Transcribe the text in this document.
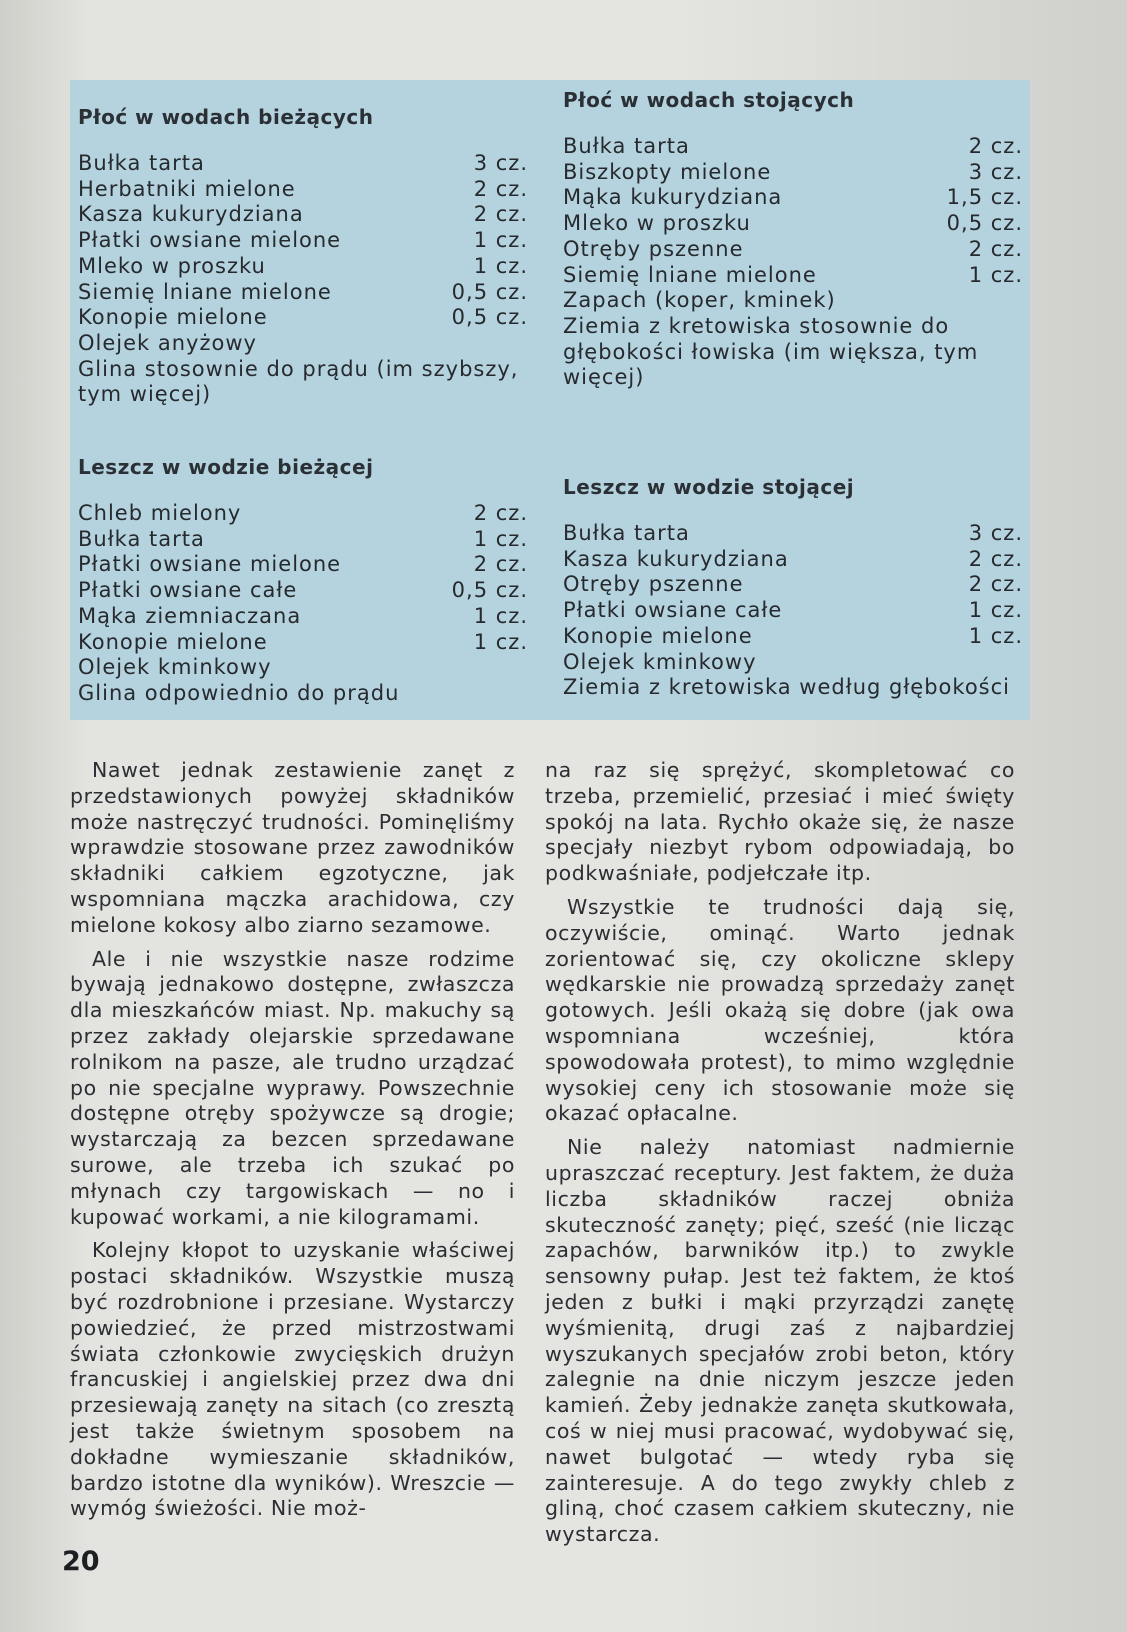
Płoć w wodach bieżących
Bułka tarta	3 cz.
Herbatniki mielone	2 cz.
Kasza kukurydziana	2 cz.
Płatki owsiane mielone	1 cz.
Mleko w proszku	1 cz.
Siemię lniane mielone	0,5 cz.
Konopie mielone	0,5 cz.
Olejek anyżowy
Glina stosownie do prądu (im szybszy, tym więcej)
Płoć w wodach stojących
Bułka tarta	2 cz.
Biszkopty mielone	3 cz.
Mąka kukurydziana	1,5 cz.
Mleko w proszku	0,5 cz.
Otręby pszenne	2 cz.
Siemię lniane mielone	1 cz.
Zapach (koper, kminek)
Ziemia z kretowiska stosownie do głębokości łowiska (im większa, tym więcej)
Leszcz w wodzie bieżącej
Chleb mielony	2 cz.
Bułka tarta	1 cz.
Płatki owsiane mielone	2 cz.
Płatki owsiane całe	0,5 cz.
Mąka ziemniaczana	1 cz.
Konopie mielone	1 cz.
Olejek kminkowy
Glina odpowiednio do prądu
Leszcz w wodzie stojącej
Bułka tarta	3 cz.
Kasza kukurydziana	2 cz.
Otręby pszenne	2 cz.
Płatki owsiane całe	1 cz.
Konopie mielone	1 cz.
Olejek kminkowy
Ziemia z kretowiska według głębokości

Nawet jednak zestawienie zanęt z przedstawionych powyżej składników może nastręczyć trudności. Pominęliśmy wprawdzie stosowane przez zawodników składniki całkiem egzotyczne, jak wspomniana mączka arachidowa, czy mielone kokosy albo ziarno sezamowe.

Ale i nie wszystkie nasze rodzime bywają jednakowo dostępne, zwłaszcza dla mieszkańców miast. Np. makuchy są przez zakłady olejarskie sprzedawane rolnikom na pasze, ale trudno urządzać po nie specjalne wyprawy. Powszechnie dostępne otręby spożywcze są drogie; wystarczają za bezcen sprzedawane surowe, ale trzeba ich szukać po młynach czy targowiskach — no i kupować workami, a nie kilogramami.

Kolejny kłopot to uzyskanie właściwej postaci składników. Wszystkie muszą być rozdrobnione i przesiane. Wystarczy powiedzieć, że przed mistrzostwami świata członkowie zwycięskich drużyn francuskiej i angielskiej przez dwa dni przesiewają zanęty na sitach (co zresztą jest także świetnym sposobem na dokładne wymieszanie składników, bardzo istotne dla wyników). Wreszcie — wymóg świeżości. Nie moż-

na raz się sprężyć, skompletować co trzeba, przemielić, przesiać i mieć święty spokój na lata. Rychło okaże się, że nasze specjały niezbyt rybom odpowiadają, bo podkwaśniałe, podjełczałe itp.

Wszystkie te trudności dają się, oczywiście, ominąć. Warto jednak zorientować się, czy okoliczne sklepy wędkarskie nie prowadzą sprzedaży zanęt gotowych. Jeśli okażą się dobre (jak owa wspomniana wcześniej, która spowodowała protest), to mimo względnie wysokiej ceny ich stosowanie może się okazać opłacalne.

Nie należy natomiast nadmiernie upraszczać receptury. Jest faktem, że duża liczba składników raczej obniża skuteczność zanęty; pięć, sześć (nie licząc zapachów, barwników itp.) to zwykle sensowny pułap. Jest też faktem, że ktoś jeden z bułki i mąki przyrządzi zanętę wyśmienitą, drugi zaś z najbardziej wyszukanych specjałów zrobi beton, który zalegnie na dnie niczym jeszcze jeden kamień. Żeby jednakże zanęta skutkowała, coś w niej musi pracować, wydobywać się, nawet bulgotać — wtedy ryba się zainteresuje. A do tego zwykły chleb z gliną, choć czasem całkiem skuteczny, nie wystarcza.

20
